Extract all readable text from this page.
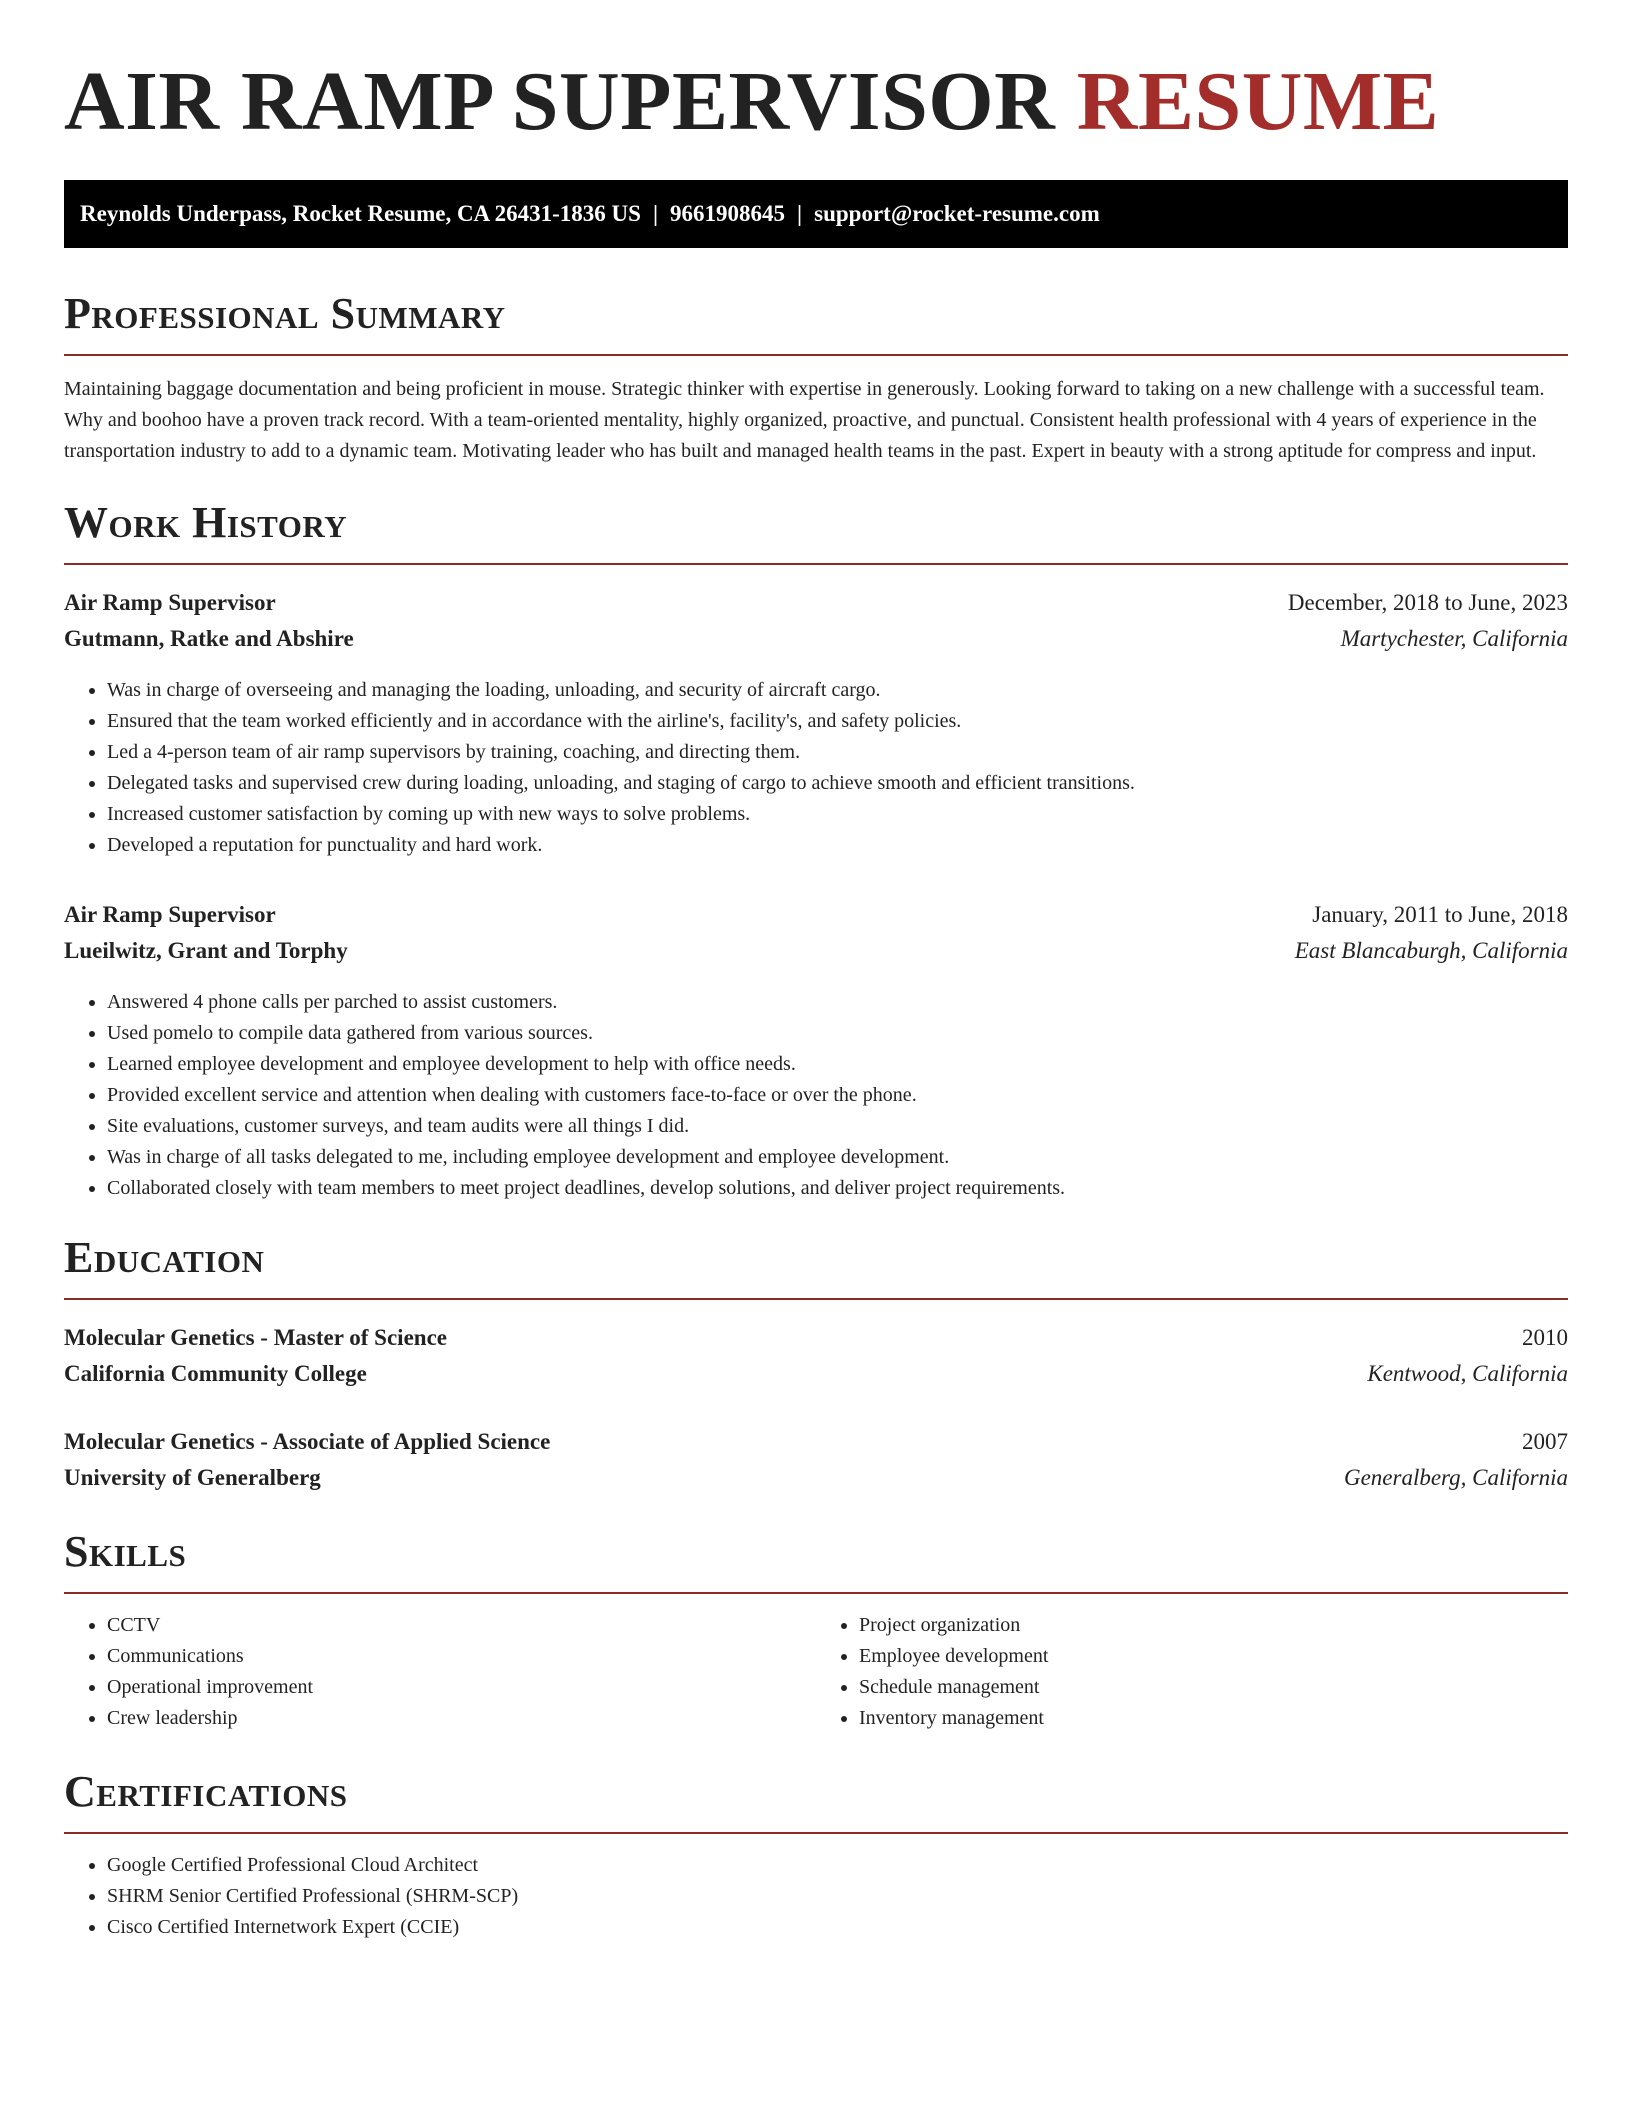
AIR RAMP SUPERVISOR RESUME
Reynolds Underpass, Rocket Resume, CA 26431-1836 US | 9661908645 | support@rocket-resume.com
Professional Summary

Maintaining baggage documentation and being proficient in mouse. Strategic thinker with expertise in generously. Looking forward to taking on a new challenge with a successful team. Why and boohoo have a proven track record. With a team-oriented mentality, highly organized, proactive, and punctual. Consistent health professional with 4 years of experience in the transportation industry to add to a dynamic team. Motivating leader who has built and managed health teams in the past. Expert in beauty with a strong aptitude for compress and input.

Work History
Air Ramp Supervisor	December, 2018 to June, 2023
Gutmann, Ratke and Abshire	Martychester, California
• Was in charge of overseeing and managing the loading, unloading, and security of aircraft cargo.
• Ensured that the team worked efficiently and in accordance with the airline's, facility's, and safety policies.
• Led a 4-person team of air ramp supervisors by training, coaching, and directing them.
• Delegated tasks and supervised crew during loading, unloading, and staging of cargo to achieve smooth and efficient transitions.
• Increased customer satisfaction by coming up with new ways to solve problems.
• Developed a reputation for punctuality and hard work.
Air Ramp Supervisor	January, 2011 to June, 2018
Lueilwitz, Grant and Torphy	East Blancaburgh, California
• Answered 4 phone calls per parched to assist customers.
• Used pomelo to compile data gathered from various sources.
• Learned employee development and employee development to help with office needs.
• Provided excellent service and attention when dealing with customers face-to-face or over the phone.
• Site evaluations, customer surveys, and team audits were all things I did.
• Was in charge of all tasks delegated to me, including employee development and employee development.
• Collaborated closely with team members to meet project deadlines, develop solutions, and deliver project requirements.
Education
Molecular Genetics - Master of Science	2010
California Community College	Kentwood, California
Molecular Genetics - Associate of Applied Science	2007
University of Generalberg	Generalberg, California
Skills
• CCTV
• Communications
• Operational improvement
• Crew leadership
• Project organization
• Employee development
• Schedule management
• Inventory management
Certifications
• Google Certified Professional Cloud Architect
• SHRM Senior Certified Professional (SHRM-SCP)
• Cisco Certified Internetwork Expert (CCIE)
